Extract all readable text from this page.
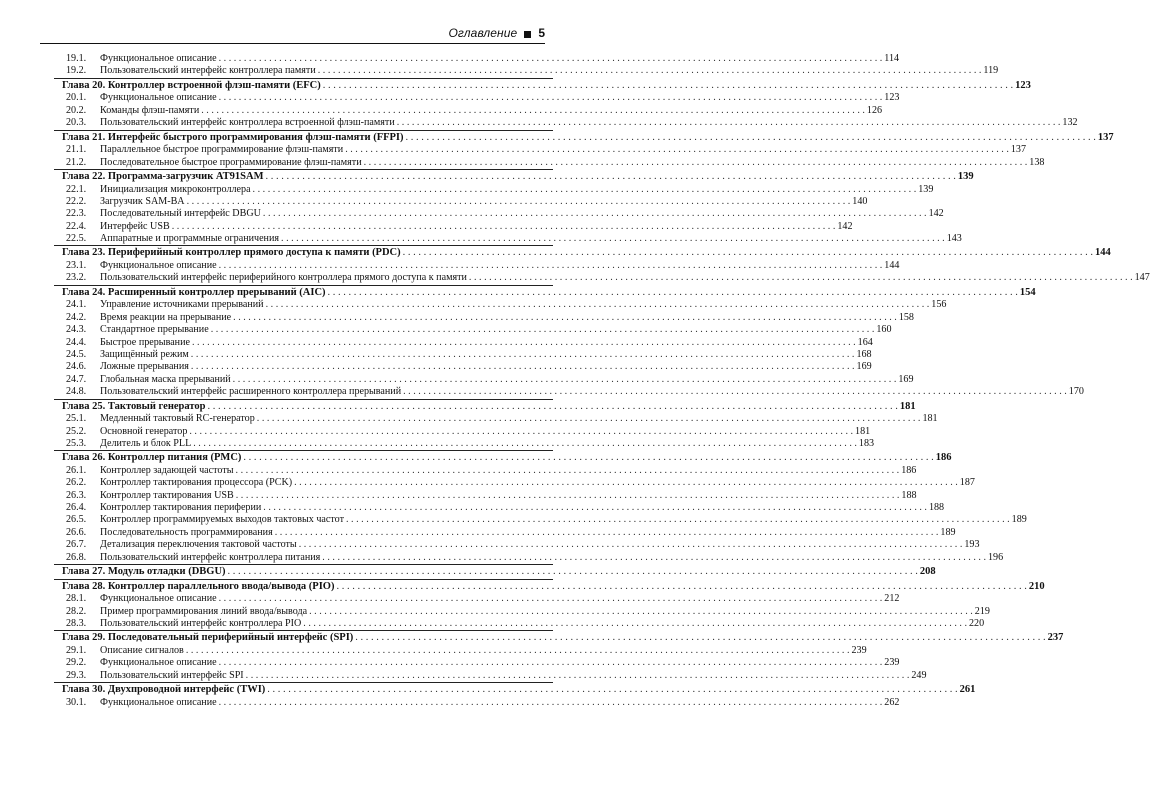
Оглавление 5
19.1.	Функциональное описание . . .	114
19.2.	Пользовательский интерфейс контроллера памяти . . .	119
Глава 20. Контроллер встроенной флэш-памяти (EFC) . . .	123
20.1.	Функциональное описание . . .	123
20.2.	Команды флэш-памяти . . .	126
20.3.	Пользовательский интерфейс контроллера встроенной флэш-памяти . . .	132
Глава 21. Интерфейс быстрого программирования флэш-памяти (FFPI) . . .	137
21.1.	Параллельное быстрое программирование флэш-памяти . . .	137
21.2.	Последовательное быстрое программирование флэш-памяти . . .	138
Глава 22. Программа-загрузчик AT91SAM . . .	139
22.1.	Инициализация микроконтроллера . . .	139
22.2.	Загрузчик SAM-BA . . .	140
22.3.	Последовательный интерфейс DBGU . . .	142
22.4.	Интерфейс USB . . .	142
22.5.	Аппаратные и программные ограничения . . .	143
Глава 23. Периферийный контроллер прямого доступа к памяти (PDC) . . .	144
23.1.	Функциональное описание . . .	144
23.2.	Пользовательский интерфейс периферийного контроллера прямого доступа к памяти . . .	147
Глава 24. Расширенный контроллер прерываний (AIC) . . .	154
24.1.	Управление источниками прерываний . . .	156
24.2.	Время реакции на прерывание . . .	158
24.3.	Стандартное прерывание . . .	160
24.4.	Быстрое прерывание . . .	164
24.5.	Защищённый режим . . .	168
24.6.	Ложные прерывания . . .	169
24.7.	Глобальная маска прерываний . . .	169
24.8.	Пользовательский интерфейс расширенного контроллера прерываний . . .	170
Глава 25. Тактовый генератор . . .	181
25.1.	Медленный тактовый RC-генератор . . .	181
25.2.	Основной генератор . . .	181
25.3.	Делитель и блок PLL . . .	183
Глава 26. Контроллер питания (PMC) . . .	186
26.1.	Контроллер задающей частоты . . .	186
26.2.	Контроллер тактирования процессора (PCK) . . .	187
26.3.	Контроллер тактирования USB . . .	188
26.4.	Контроллер тактирования периферии . . .	188
26.5.	Контроллер программируемых выходов тактовых частот . . .	189
26.6.	Последовательность программирования . . .	189
26.7.	Детализация переключения тактовой частоты . . .	193
26.8.	Пользовательский интерфейс контроллера питания . . .	196
Глава 27. Модуль отладки (DBGU) . . .	208
Глава 28. Контроллер параллельного ввода/вывода (PIO) . . .	210
28.1.	Функциональное описание . . .	212
28.2.	Пример программирования линий ввода/вывода . . .	219
28.3.	Пользовательский интерфейс контроллера PIO . . .	220
Глава 29. Последовательный периферийный интерфейс (SPI) . . .	237
29.1.	Описание сигналов . . .	239
29.2.	Функциональное описание . . .	239
29.3.	Пользовательский интерфейс SPI . . .	249
Глава 30. Двухпроводной интерфейс (TWI) . . .	261
30.1.	Функциональное описание . . .	262
